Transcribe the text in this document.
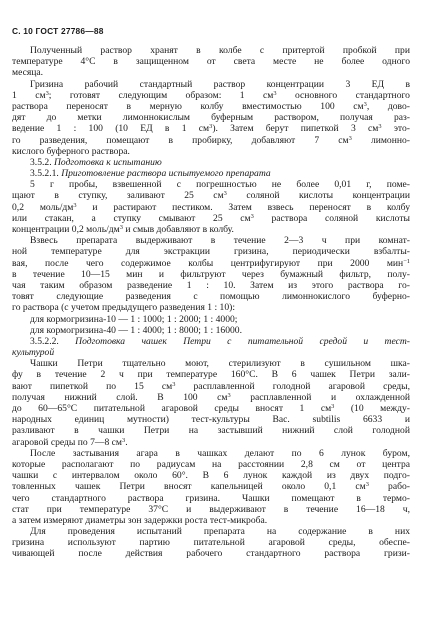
С. 10 ГОСТ 27786—88
Полученный раствор хранят в колбе с притертой пробкой при
температуре 4°C в защищенном от света месте не более одного
месяца.
Гризина рабочий стандартный раствор концентрации 3 ЕД в
1 $см^3$; готовят следующим образом: 1 $см^3$ основного стандартного
раствора переносят в мерную колбу вместимостью 100 $см^3$, дово-
дят до метки лимоннокислым буферным раствором, получая раз-
ведение 1 : 100 (10 ЕД в 1 $см^3$). Затем берут пипеткой 3 $см^3$ это-
го разведения, помещают в пробирку, добавляют 7 $см^3$ лимонно-
кислого буферного раствора.
3.5.2. Подготовка к испытанию
3.5.2.1. Приготовление раствора испытуемого препарата
5 г пробы, взвешенной с погрешностью не более 0,01 г, поме-
щают в ступку, заливают 25 $см^3$ соляной кислоты концентрации
0,2 моль/$дм^3$ и растирают пестиком. Затем взвесь переносят в колбу
или стакан, а ступку смывают 25 $см^3$ раствора соляной кислоты
концентрации 0,2 моль/$дм^3$ и смыв добавляют в колбу.
Взвесь препарата выдерживают в течение 2—3 ч при комнат-
ной температуре для экстракции гризина, периодически взбалты-
вая, после чего содержимое колбы центрифугируют при 2000 мин$^{-1}$
в течение 10—15 мин и фильтруют через бумажный фильтр, полу-
чая таким образом разведение 1 : 10. Затем из этого раствора го-
товят следующие разведения с помощью лимоннокислого буферно-
го раствора (с учетом предыдущего разведения 1 : 10):
для кормогризина-10 — 1 : 1000; 1 : 2000; 1 : 4000;
для кормогризина-40 — 1 : 4000; 1 : 8000; 1 : 16000.
3.5.2.2. Подготовка чашек Петри с питательной средой и тест-
культурой
Чашки Петри тщательно моют, стерилизуют в сушильном шка-
фу в течение 2 ч при температуре 160°C. В 6 чашек Петри зали-
вают пипеткой по 15 $см^3$ расплавленной голодной агаровой среды,
получая нижний слой. В 100 $см^3$ расплавленной и охлажденной
до 60—65°C питательной агаровой среды вносят 1 $см^3$ (10 между-
народных единиц мутности) тест-культуры Bac. subtilis 6633 и
разливают в чашки Петри на застывший нижний слой голодной
агаровой среды по 7—8 $см^3$.
После застывания агара в чашках делают по 6 лунок буром,
которые располагают по радиусам на расстоянии 2,8 см от центра
чашки с интервалом около 60°. В 6 лунок каждой из двух подго-
товленных чашек Петри вносят капельницей около 0,1 $см^3$ рабо-
чего стандартного раствора гризина. Чашки помещают в термо-
стат при температуре 37°C и выдерживают в течение 16—18 ч,
а затем измеряют диаметры зон задержки роста тест-микроба.
Для проведения испытаний препарата на содержание в них
гризина используют партию питательной агаровой среды, обеспе-
чивающей после действия рабочего стандартного раствора гризи-
